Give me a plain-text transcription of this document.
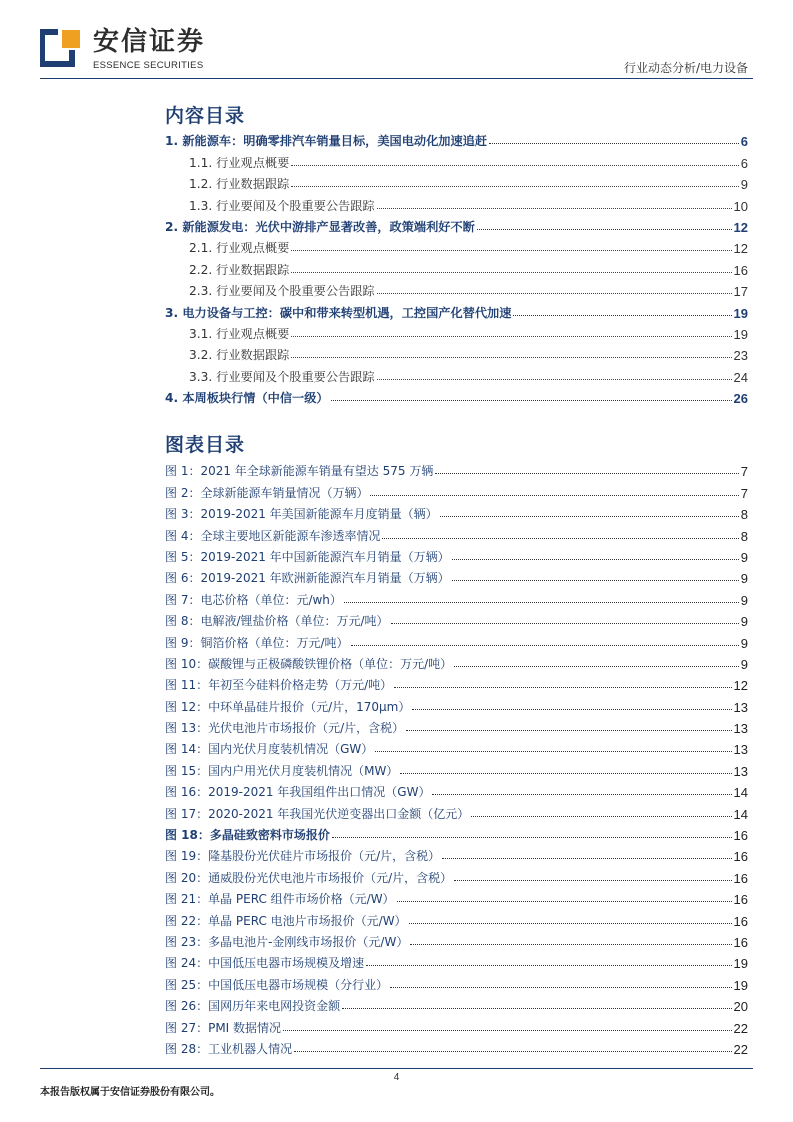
安信证券
ESSENCE SECURITIES	行业动态分析/电力设备
内容目录
1. 新能源车：明确零排汽车销量目标，美国电动化加速追赶	6
1.1. 行业观点概要	6
1.2. 行业数据跟踪	9
1.3. 行业要闻及个股重要公告跟踪	10
2. 新能源发电：光伏中游排产显著改善，政策端利好不断	12
2.1. 行业观点概要	12
2.2. 行业数据跟踪	16
2.3. 行业要闻及个股重要公告跟踪	17
3. 电力设备与工控：碳中和带来转型机遇，工控国产化替代加速	19
3.1. 行业观点概要	19
3.2. 行业数据跟踪	23
3.3. 行业要闻及个股重要公告跟踪	24
4. 本周板块行情（中信一级）	26
图表目录
图 1：2021 年全球新能源车销量有望达 575 万辆	7
图 2：全球新能源车销量情况（万辆）	7
图 3：2019-2021 年美国新能源车月度销量（辆）	8
图 4：全球主要地区新能源车渗透率情况	8
图 5：2019-2021 年中国新能源汽车月销量（万辆）	9
图 6：2019-2021 年欧洲新能源汽车月销量（万辆）	9
图 7：电芯价格（单位：元/wh）	9
图 8：电解液/锂盐价格（单位：万元/吨）	9
图 9：铜箔价格（单位：万元/吨）	9
图 10：碳酸锂与正极磷酸铁锂价格（单位：万元/吨）	9
图 11：年初至今硅料价格走势（万元/吨）	12
图 12：中环单晶硅片报价（元/片，170μm）	13
图 13：光伏电池片市场报价（元/片，含税）	13
图 14：国内光伏月度装机情况（GW）	13
图 15：国内户用光伏月度装机情况（MW）	13
图 16：2019-2021 年我国组件出口情况（GW）	14
图 17：2020-2021 年我国光伏逆变器出口金额（亿元）	14
图 18：多晶硅致密料市场报价	16
图 19：隆基股份光伏硅片市场报价（元/片，含税）	16
图 20：通威股份光伏电池片市场报价（元/片，含税）	16
图 21：单晶 PERC 组件市场价格（元/W）	16
图 22：单晶 PERC 电池片市场报价（元/W）	16
图 23：多晶电池片-金刚线市场报价（元/W）	16
图 24：中国低压电器市场规模及增速	19
图 25：中国低压电器市场规模（分行业）	19
图 26：国网历年来电网投资金额	20
图 27：PMI 数据情况	22
图 28：工业机器人情况	22
4
本报告版权属于安信证券股份有限公司。
